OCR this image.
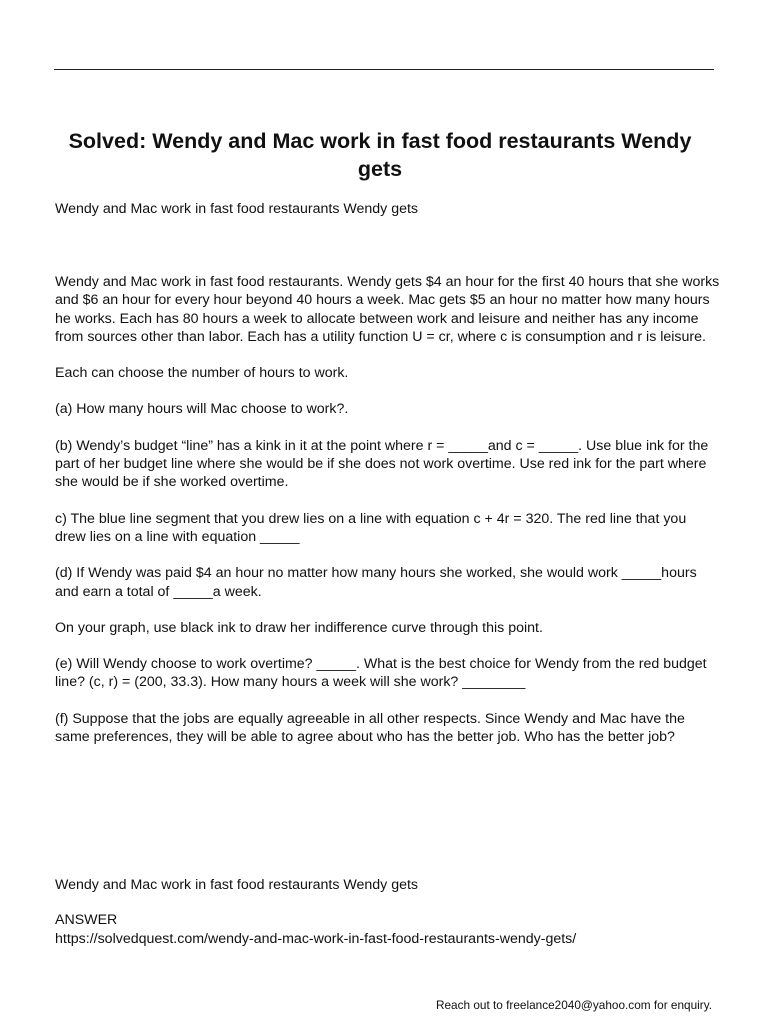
Solved: Wendy and Mac work in fast food restaurants Wendy gets

Wendy and Mac work in fast food restaurants Wendy gets

Wendy and Mac work in fast food restaurants. Wendy gets $4 an hour for the first 40 hours that she works and $6 an hour for every hour beyond 40 hours a week. Mac gets $5 an hour no matter how many hours he works. Each has 80 hours a week to allocate between work and leisure and neither has any income from sources other than labor. Each has a utility function U = cr, where c is consumption and r is leisure.

Each can choose the number of hours to work.

(a) How many hours will Mac choose to work?.

(b) Wendy’s budget “line” has a kink in it at the point where r = _____and c = _____. Use blue ink for the part of her budget line where she would be if she does not work overtime. Use red ink for the part where she would be if she worked overtime.

c) The blue line segment that you drew lies on a line with equation c + 4r = 320. The red line that you drew lies on a line with equation _____

(d) If Wendy was paid $4 an hour no matter how many hours she worked, she would work _____hours and earn a total of _____a week.

On your graph, use black ink to draw her indifference curve through this point.

(e) Will Wendy choose to work overtime? _____. What is the best choice for Wendy from the red budget line? (c, r) = (200, 33.3). How many hours a week will she work? ________

(f) Suppose that the jobs are equally agreeable in all other respects. Since Wendy and Mac have the same preferences, they will be able to agree about who has the better job. Who has the better job?

Wendy and Mac work in fast food restaurants Wendy gets

ANSWER

https://solvedquest.com/wendy-and-mac-work-in-fast-food-restaurants-wendy-gets/

Reach out to freelance2040@yahoo.com for enquiry.
